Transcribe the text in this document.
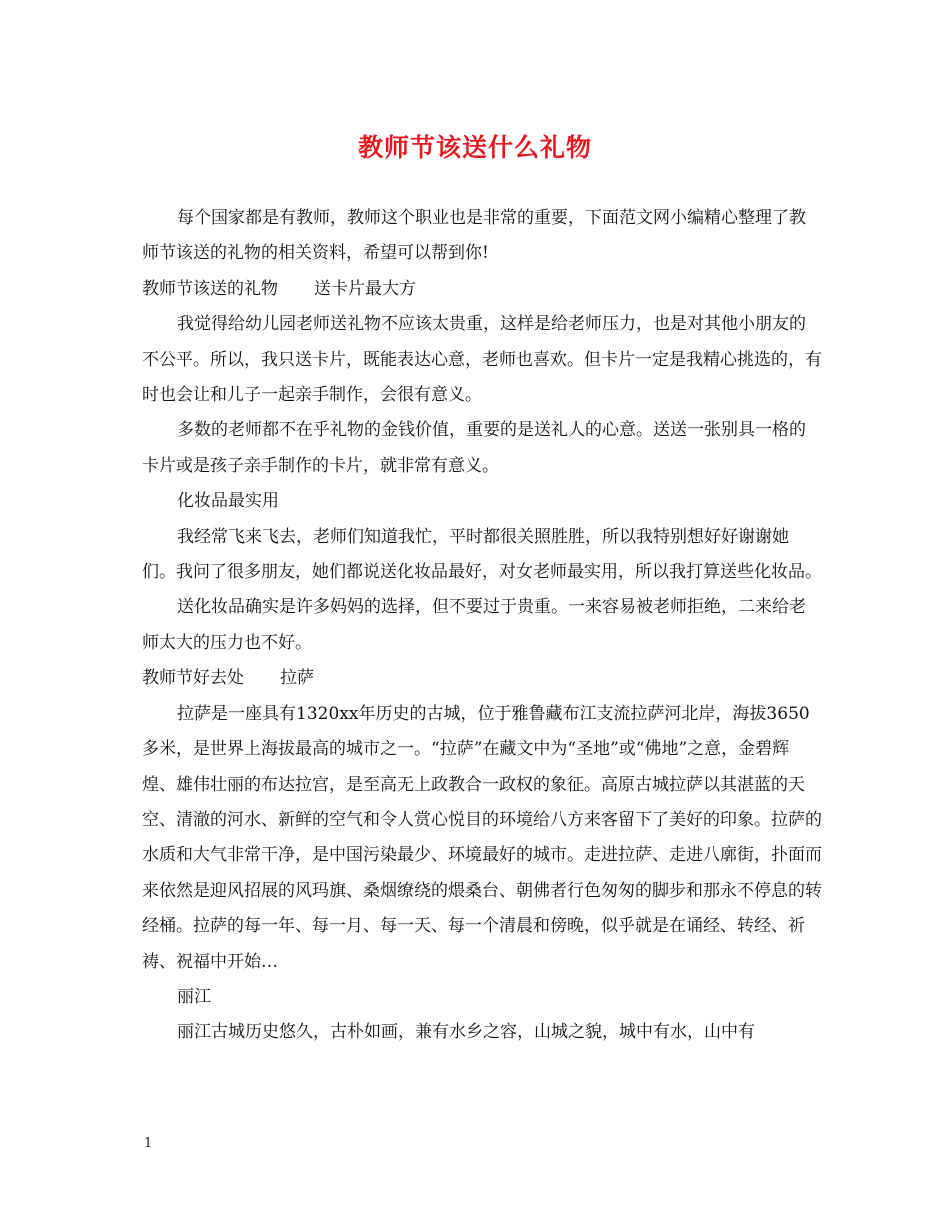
教师节该送什么礼物

每个国家都是有教师，教师这个职业也是非常的重要，下面范文网小编精心整理了教师节该送的礼物的相关资料，希望可以帮到你!

教师节该送的礼物 送卡片最大方

我觉得给幼儿园老师送礼物不应该太贵重，这样是给老师压力，也是对其他小朋友的不公平。所以，我只送卡片，既能表达心意，老师也喜欢。但卡片一定是我精心挑选的，有时也会让和儿子一起亲手制作，会很有意义。

多数的老师都不在乎礼物的金钱价值，重要的是送礼人的心意。送送一张别具一格的卡片或是孩子亲手制作的卡片，就非常有意义。

化妆品最实用

我经常飞来飞去，老师们知道我忙，平时都很关照胜胜，所以我特别想好好谢谢她们。我问了很多朋友，她们都说送化妆品最好，对女老师最实用，所以我打算送些化妆品。

送化妆品确实是许多妈妈的选择，但不要过于贵重。一来容易被老师拒绝，二来给老师太大的压力也不好。

教师节好去处 拉萨

拉萨是一座具有1320xx年历史的古城，位于雅鲁藏布江支流拉萨河北岸，海拔3650多米，是世界上海拔最高的城市之一。“拉萨”在藏文中为“圣地”或“佛地”之意，金碧辉煌、雄伟壮丽的布达拉宫，是至高无上政教合一政权的象征。高原古城拉萨以其湛蓝的天空、清澈的河水、新鲜的空气和令人赏心悦目的环境给八方来客留下了美好的印象。拉萨的水质和大气非常干净，是中国污染最少、环境最好的城市。走进拉萨、走进八廓街，扑面而来依然是迎风招展的风玛旗、桑烟缭绕的煨桑台、朝佛者行色匆匆的脚步和那永不停息的转经桶。拉萨的每一年、每一月、每一天、每一个清晨和傍晚，似乎就是在诵经、转经、祈祷、祝福中开始…

丽江

丽江古城历史悠久，古朴如画，兼有水乡之容，山城之貌，城中有水，山中有

1
